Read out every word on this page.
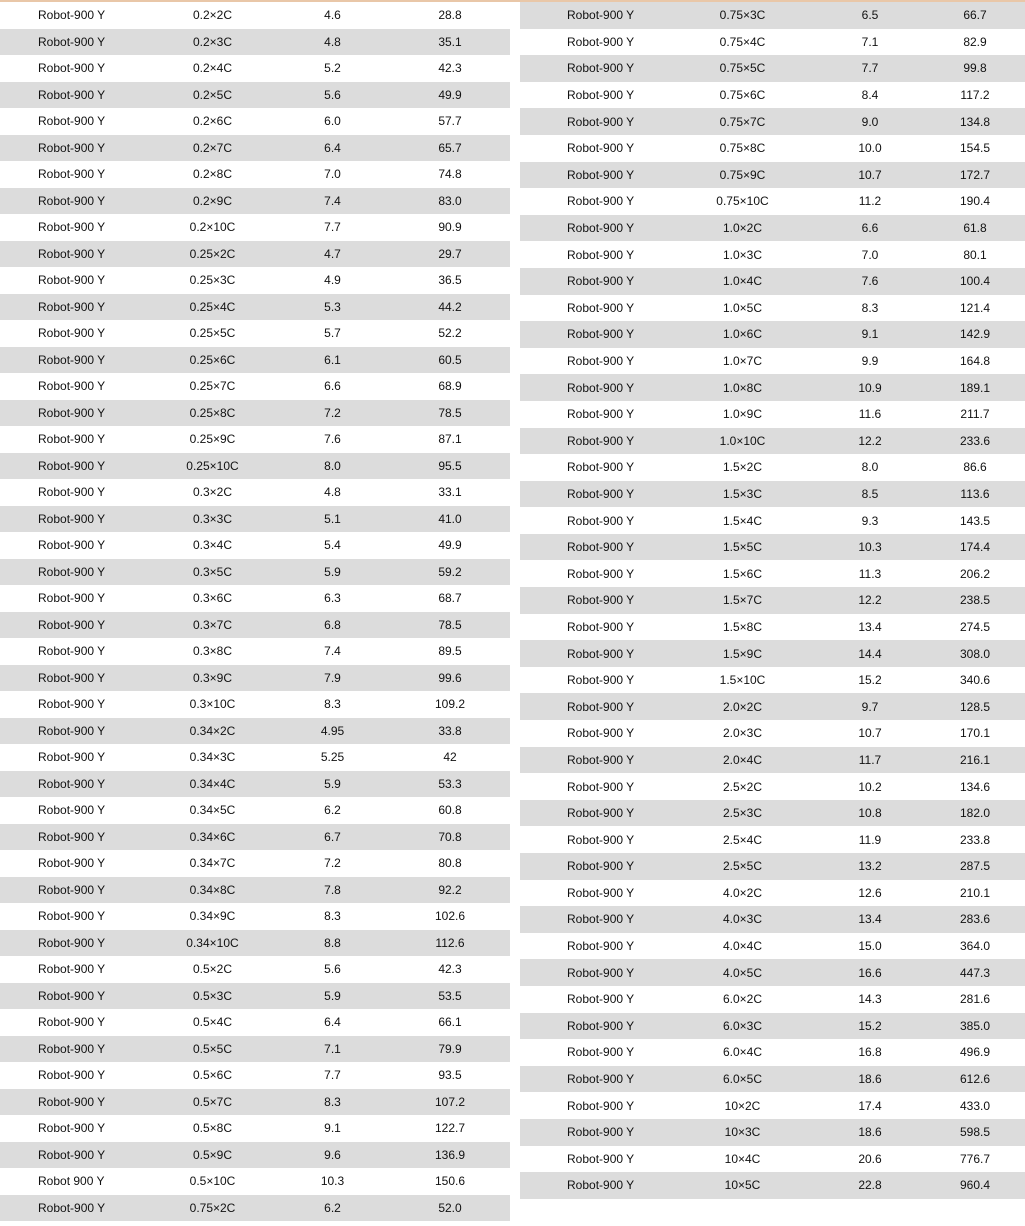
Robot-900 Y	0.2×2C	4.6	28.8
Robot-900 Y	0.2×3C	4.8	35.1
Robot-900 Y	0.2×4C	5.2	42.3
Robot-900 Y	0.2×5C	5.6	49.9
Robot-900 Y	0.2×6C	6.0	57.7
Robot-900 Y	0.2×7C	6.4	65.7
Robot-900 Y	0.2×8C	7.0	74.8
Robot-900 Y	0.2×9C	7.4	83.0
Robot-900 Y	0.2×10C	7.7	90.9
Robot-900 Y	0.25×2C	4.7	29.7
Robot-900 Y	0.25×3C	4.9	36.5
Robot-900 Y	0.25×4C	5.3	44.2
Robot-900 Y	0.25×5C	5.7	52.2
Robot-900 Y	0.25×6C	6.1	60.5
Robot-900 Y	0.25×7C	6.6	68.9
Robot-900 Y	0.25×8C	7.2	78.5
Robot-900 Y	0.25×9C	7.6	87.1
Robot-900 Y	0.25×10C	8.0	95.5
Robot-900 Y	0.3×2C	4.8	33.1
Robot-900 Y	0.3×3C	5.1	41.0
Robot-900 Y	0.3×4C	5.4	49.9
Robot-900 Y	0.3×5C	5.9	59.2
Robot-900 Y	0.3×6C	6.3	68.7
Robot-900 Y	0.3×7C	6.8	78.5
Robot-900 Y	0.3×8C	7.4	89.5
Robot-900 Y	0.3×9C	7.9	99.6
Robot-900 Y	0.3×10C	8.3	109.2
Robot-900 Y	0.34×2C	4.95	33.8
Robot-900 Y	0.34×3C	5.25	42
Robot-900 Y	0.34×4C	5.9	53.3
Robot-900 Y	0.34×5C	6.2	60.8
Robot-900 Y	0.34×6C	6.7	70.8
Robot-900 Y	0.34×7C	7.2	80.8
Robot-900 Y	0.34×8C	7.8	92.2
Robot-900 Y	0.34×9C	8.3	102.6
Robot-900 Y	0.34×10C	8.8	112.6
Robot-900 Y	0.5×2C	5.6	42.3
Robot-900 Y	0.5×3C	5.9	53.5
Robot-900 Y	0.5×4C	6.4	66.1
Robot-900 Y	0.5×5C	7.1	79.9
Robot-900 Y	0.5×6C	7.7	93.5
Robot-900 Y	0.5×7C	8.3	107.2
Robot-900 Y	0.5×8C	9.1	122.7
Robot-900 Y	0.5×9C	9.6	136.9
Robot 900 Y	0.5×10C	10.3	150.6
Robot-900 Y	0.75×2C	6.2	52.0
Robot-900 Y	0.75×3C	6.5	66.7
Robot-900 Y	0.75×4C	7.1	82.9
Robot-900 Y	0.75×5C	7.7	99.8
Robot-900 Y	0.75×6C	8.4	117.2
Robot-900 Y	0.75×7C	9.0	134.8
Robot-900 Y	0.75×8C	10.0	154.5
Robot-900 Y	0.75×9C	10.7	172.7
Robot-900 Y	0.75×10C	11.2	190.4
Robot-900 Y	1.0×2C	6.6	61.8
Robot-900 Y	1.0×3C	7.0	80.1
Robot-900 Y	1.0×4C	7.6	100.4
Robot-900 Y	1.0×5C	8.3	121.4
Robot-900 Y	1.0×6C	9.1	142.9
Robot-900 Y	1.0×7C	9.9	164.8
Robot-900 Y	1.0×8C	10.9	189.1
Robot-900 Y	1.0×9C	11.6	211.7
Robot-900 Y	1.0×10C	12.2	233.6
Robot-900 Y	1.5×2C	8.0	86.6
Robot-900 Y	1.5×3C	8.5	113.6
Robot-900 Y	1.5×4C	9.3	143.5
Robot-900 Y	1.5×5C	10.3	174.4
Robot-900 Y	1.5×6C	11.3	206.2
Robot-900 Y	1.5×7C	12.2	238.5
Robot-900 Y	1.5×8C	13.4	274.5
Robot-900 Y	1.5×9C	14.4	308.0
Robot-900 Y	1.5×10C	15.2	340.6
Robot-900 Y	2.0×2C	9.7	128.5
Robot-900 Y	2.0×3C	10.7	170.1
Robot-900 Y	2.0×4C	11.7	216.1
Robot-900 Y	2.5×2C	10.2	134.6
Robot-900 Y	2.5×3C	10.8	182.0
Robot-900 Y	2.5×4C	11.9	233.8
Robot-900 Y	2.5×5C	13.2	287.5
Robot-900 Y	4.0×2C	12.6	210.1
Robot-900 Y	4.0×3C	13.4	283.6
Robot-900 Y	4.0×4C	15.0	364.0
Robot-900 Y	4.0×5C	16.6	447.3
Robot-900 Y	6.0×2C	14.3	281.6
Robot-900 Y	6.0×3C	15.2	385.0
Robot-900 Y	6.0×4C	16.8	496.9
Robot-900 Y	6.0×5C	18.6	612.6
Robot-900 Y	10×2C	17.4	433.0
Robot-900 Y	10×3C	18.6	598.5
Robot-900 Y	10×4C	20.6	776.7
Robot-900 Y	10×5C	22.8	960.4
